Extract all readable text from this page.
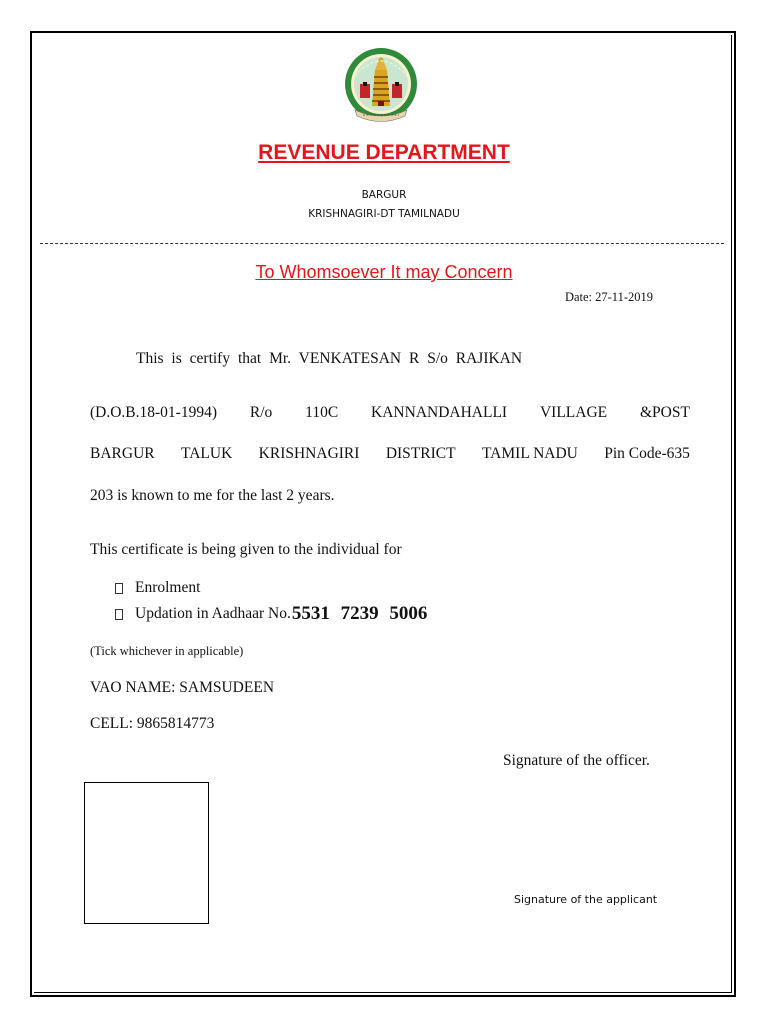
REVENUE DEPARTMENT
BARGUR
KRISHNAGIRI-DT TAMILNADU
To Whomsoever It may Concern
Date: 27-11-2019
This is certify that Mr. VENKATESAN R S/o RAJIKAN
(D.O.B.18-01-1994) R/o 110C KANNANDAHALLI VILLAGE &POST
BARGUR TALUK KRISHNAGIRI DISTRICT TAMIL NADU Pin Code-635
203 is known to me for the last 2 years.
This certificate is being given to the individual for
Enrolment
Updation in Aadhaar No. 5531 7239 5006
(Tick whichever in applicable)
VAO NAME: SAMSUDEEN
CELL: 9865814773
Signature of the officer.
Signature of the applicant
